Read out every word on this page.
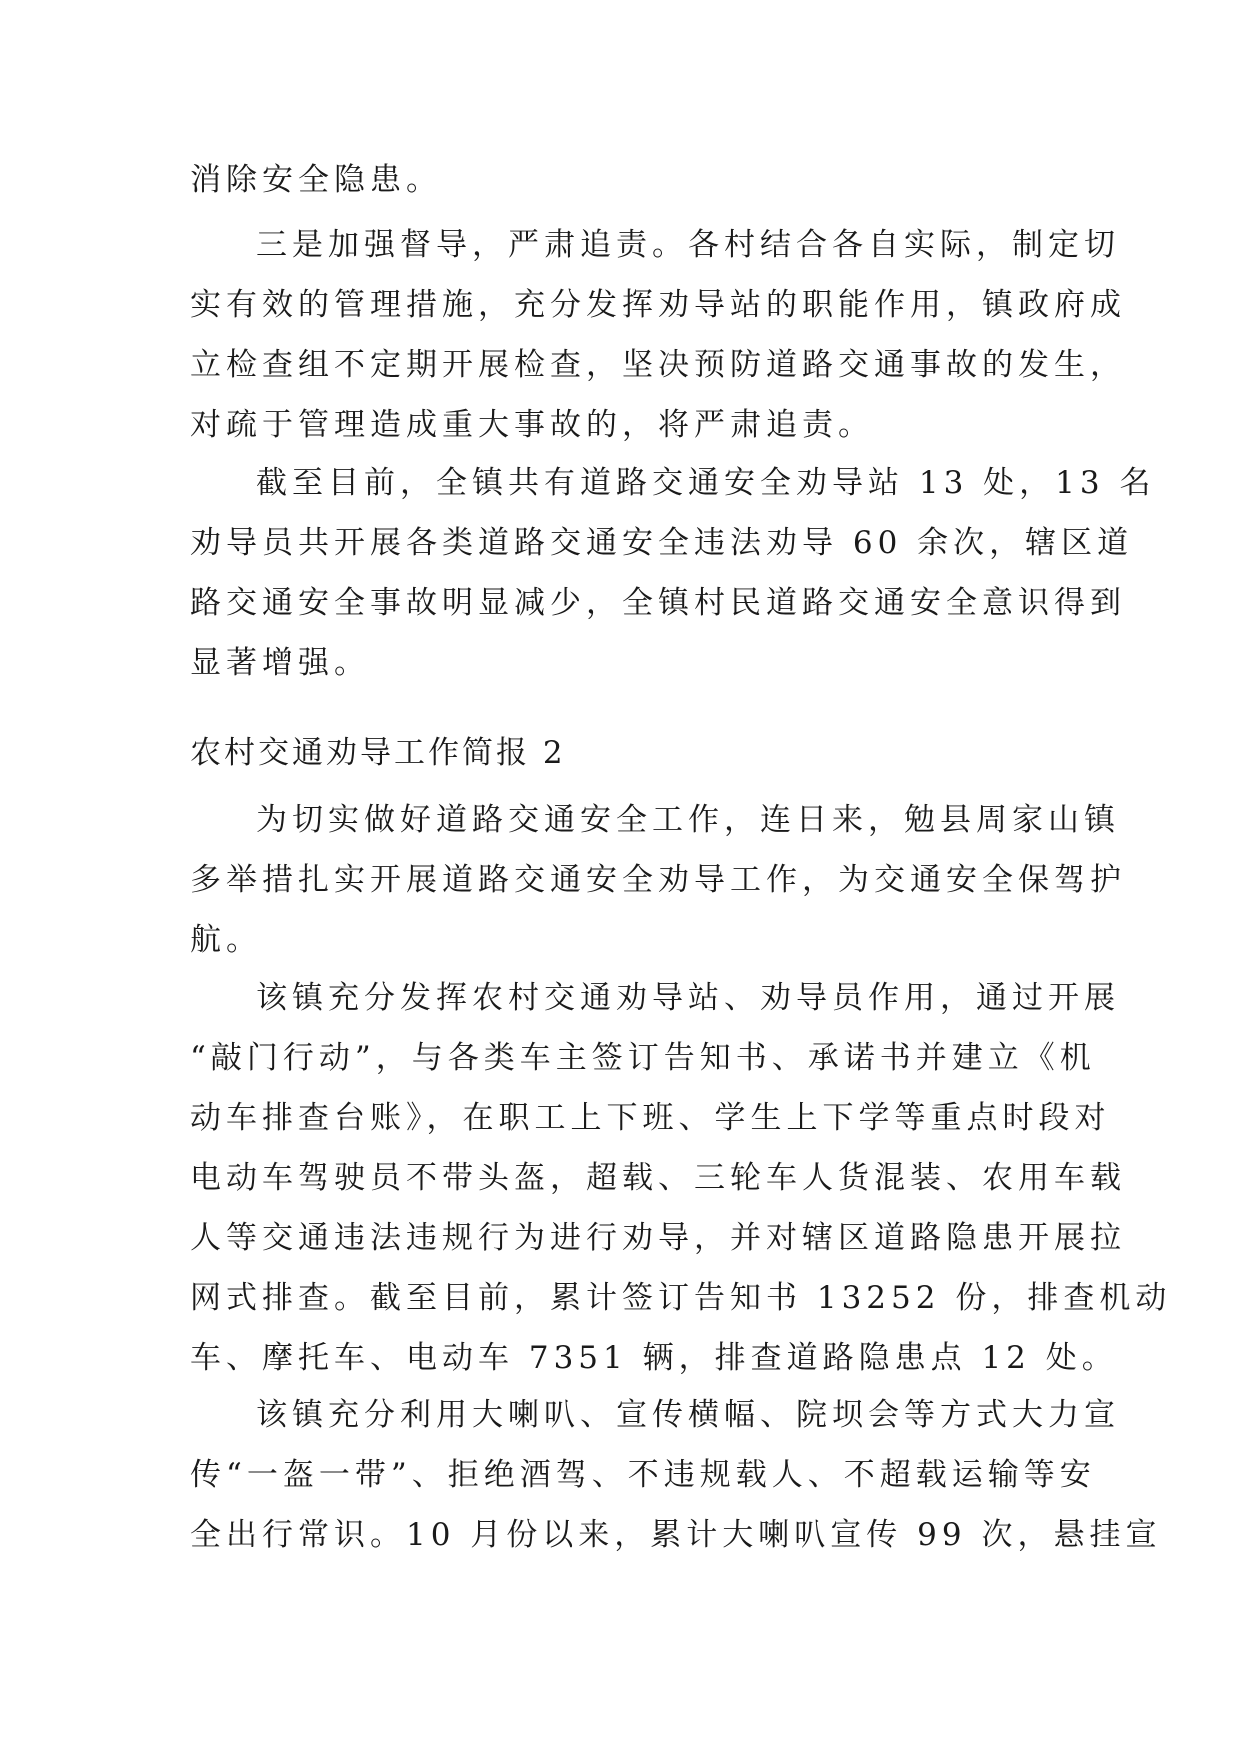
消除安全隐患。
三是加强督导，严肃追责。各村结合各自实际，制定切
实有效的管理措施，充分发挥劝导站的职能作用，镇政府成
立检查组不定期开展检查，坚决预防道路交通事故的发生，
对疏于管理造成重大事故的，将严肃追责。
截至目前，全镇共有道路交通安全劝导站 13 处，13 名
劝导员共开展各类道路交通安全违法劝导 60 余次，辖区道
路交通安全事故明显减少，全镇村民道路交通安全意识得到
显著增强。
农村交通劝导工作简报 2
为切实做好道路交通安全工作，连日来，勉县周家山镇
多举措扎实开展道路交通安全劝导工作，为交通安全保驾护
航。
该镇充分发挥农村交通劝导站、劝导员作用，通过开展
“敲门行动”，与各类车主签订告知书、承诺书并建立《机
动车排查台账》，在职工上下班、学生上下学等重点时段对
电动车驾驶员不带头盔，超载、三轮车人货混装、农用车载
人等交通违法违规行为进行劝导，并对辖区道路隐患开展拉
网式排查。截至目前，累计签订告知书 13252 份，排查机动
车、摩托车、电动车 7351 辆，排查道路隐患点 12 处。
该镇充分利用大喇叭、宣传横幅、院坝会等方式大力宣
传“一盔一带”、拒绝酒驾、不违规载人、不超载运输等安
全出行常识。10 月份以来，累计大喇叭宣传 99 次，悬挂宣
